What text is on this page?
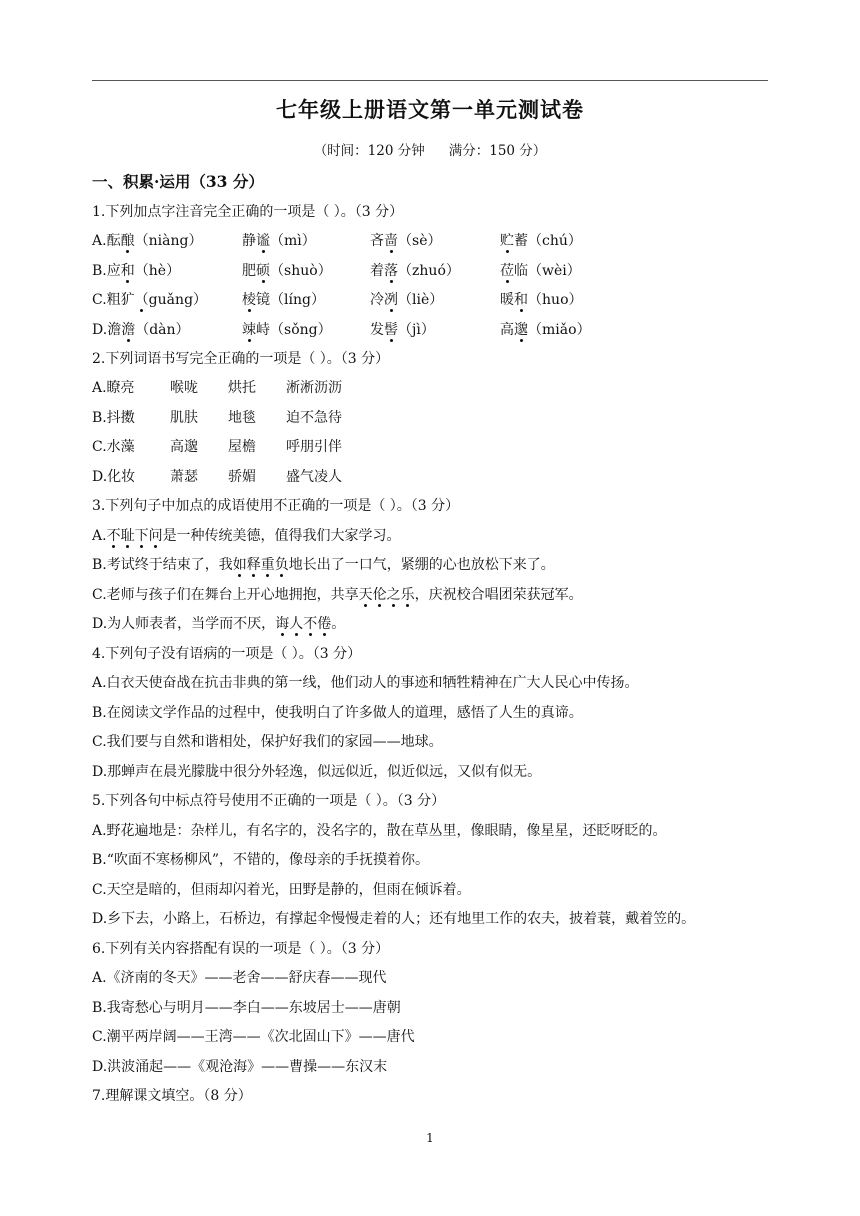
七年级上册语文第一单元测试卷
（时间：120 分钟 满分：150 分）
一、积累·运用（33 分）
1.下列加点字注音完全正确的一项是（ ）。（3 分）
A.酝酿（niàng）	静谧（mì）	吝啬（sè）	贮蓄（chú）
B.应和（hè）	肥硕（shuò）	着落（zhuó）	莅临（wèi）
C.粗犷（guǎng）	棱镜（líng）	冷冽（liè）	暖和（huo）
D.澹澹（dàn）	竦峙（sǒng）	发髻（jì）	高邈（miǎo）
2.下列词语书写完全正确的一项是（ ）。（3 分）
A.瞭亮	喉咙	烘托	淅淅沥沥
B.抖擞	肌肤	地毯	迫不急待
C.水藻	高邈	屋檐	呼朋引伴
D.化妆	萧瑟	骄媚	盛气凌人
3.下列句子中加点的成语使用不正确的一项是（ ）。（3 分）
A.不耻下问是一种传统美德，值得我们大家学习。
B.考试终于结束了，我如释重负地长出了一口气，紧绷的心也放松下来了。
C.老师与孩子们在舞台上开心地拥抱，共享天伦之乐，庆祝校合唱团荣获冠军。
D.为人师表者，当学而不厌，诲人不倦。
4.下列句子没有语病的一项是（ ）。（3 分）
A.白衣天使奋战在抗击非典的第一线，他们动人的事迹和牺牲精神在广大人民心中传扬。
B.在阅读文学作品的过程中，使我明白了许多做人的道理，感悟了人生的真谛。
C.我们要与自然和谐相处，保护好我们的家园——地球。
D.那蝉声在晨光朦胧中很分外轻逸，似远似近，似近似远，又似有似无。
5.下列各句中标点符号使用不正确的一项是（ ）。（3 分）
A.野花遍地是：杂样儿，有名字的，没名字的，散在草丛里，像眼睛，像星星，还眨呀眨的。
B.“吹面不寒杨柳风”，不错的，像母亲的手抚摸着你。
C.天空是暗的，但雨却闪着光，田野是静的，但雨在倾诉着。
D.乡下去，小路上，石桥边，有撑起伞慢慢走着的人；还有地里工作的农夫，披着蓑，戴着笠的。
6.下列有关内容搭配有误的一项是（ ）。（3 分）
A.《济南的冬天》——老舍——舒庆春——现代
B.我寄愁心与明月——李白——东坡居士——唐朝
C.潮平两岸阔——王湾——《次北固山下》——唐代
D.洪波涌起——《观沧海》——曹操——东汉末
7.理解课文填空。（8 分）
1
